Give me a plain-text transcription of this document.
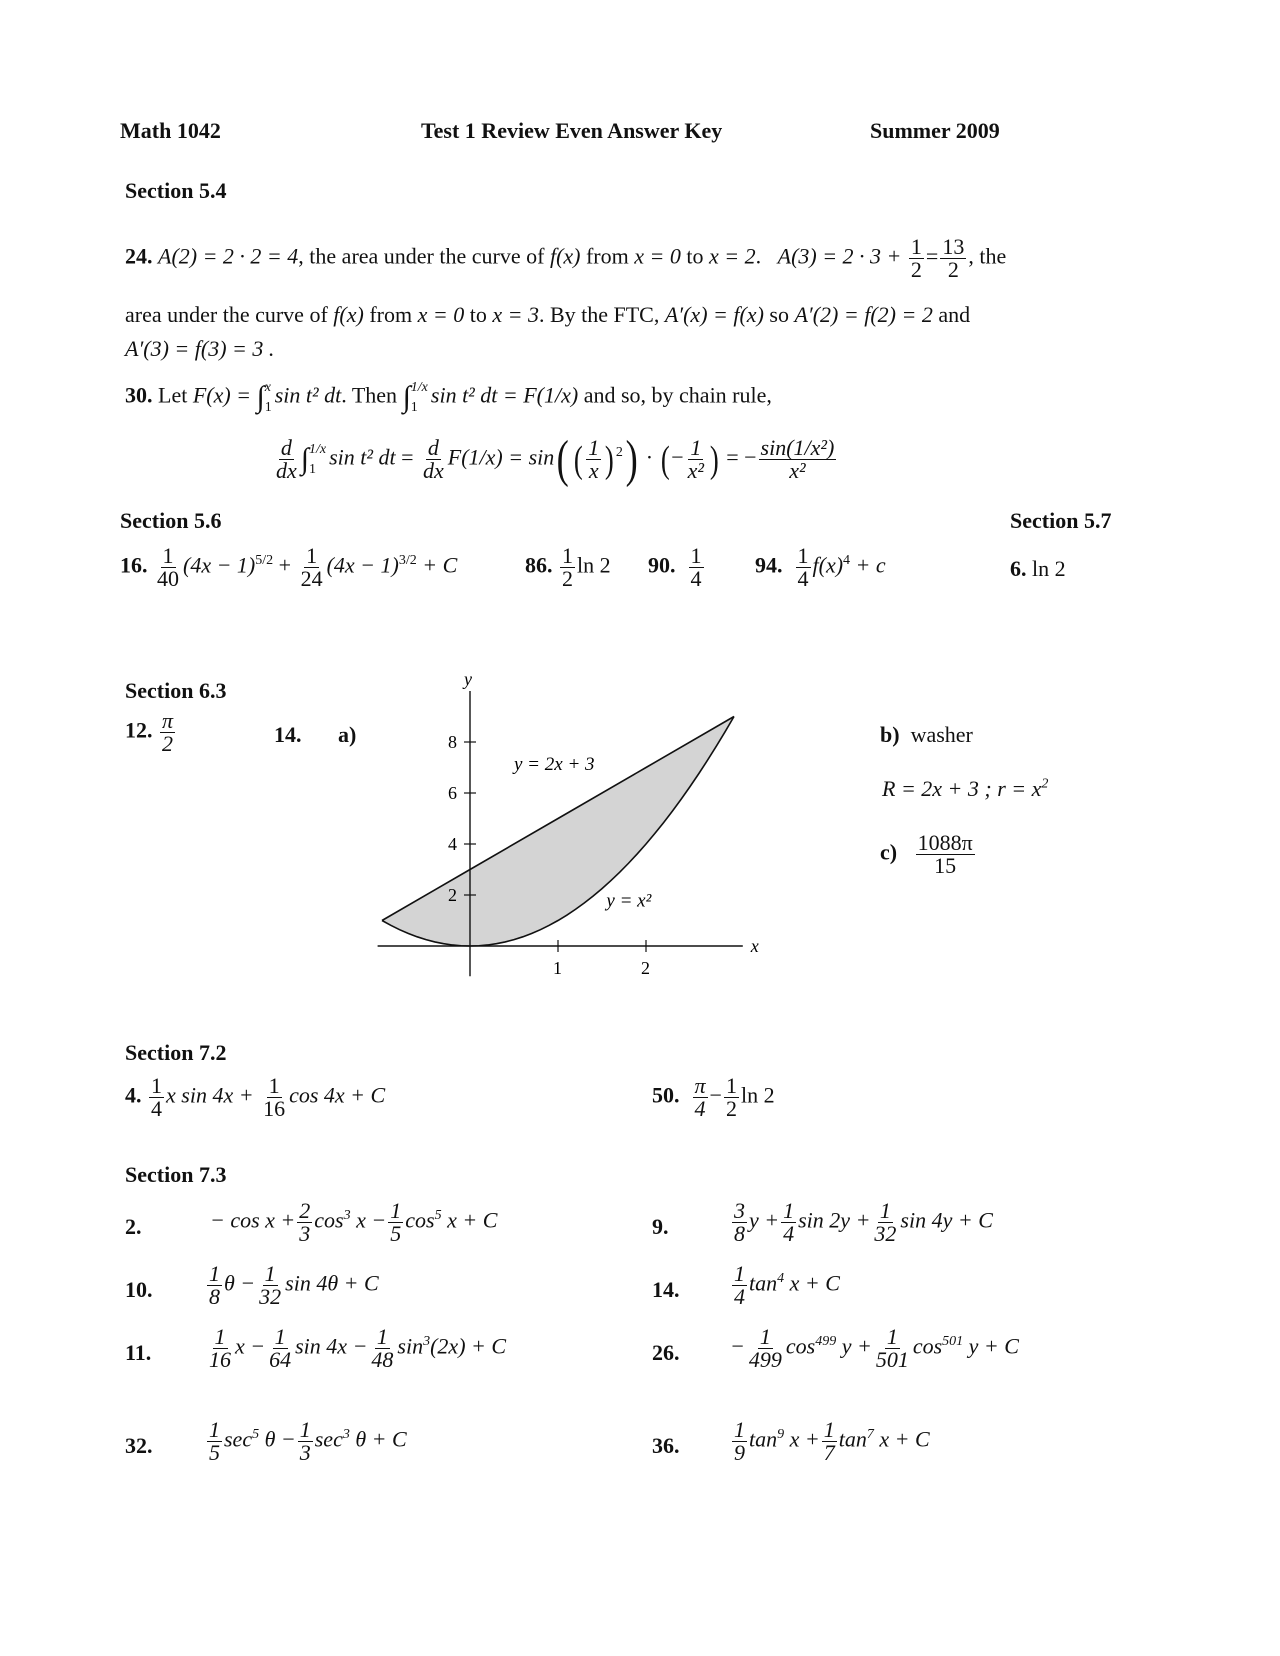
Math 1042	Test 1 Review Even Answer Key	Summer 2009
Section 5.4
24. A(2) = 2 · 2 = 4, the area under the curve of f(x) from x = 0 to x = 2. $A(3) = 2 \cdot 3 + \frac{1}{2} = \frac{13}{2}$ , the
area under the curve of f(x) from x = 0 to x = 3. By the FTC, A′(x) = f(x) so A′(2) = f(2) = 2 and
A′(3) = f(3) = 3 .
30. Let F(x) = ∫ x
1 sin t² dt. Then ∫ 1/x
1 sin t² dt = F(1/x) and so, by chain rule,
$\frac{d}{dx}$ ∫ 1/x
1 sin t² dt = $\frac{d}{dx} F(1/x) = \sin$( ( $\frac{1}{x}$ ) $^2$) · (− $\frac{1}{\text{x²}}$ ) = − $\frac{\text{sin(1/x²)}}{\text{x²}}$
Section 5.6	Section 5.7
16. $\frac{1}{40} (4x - 1)^{5/2} + \frac{1}{24} (4x - 1)^{3/2} + C$	86. $\frac{1}{2}$ ln 2 90. $\frac{1}{4} 94$. $\frac{1}{4} f(x)^4 + c$	6. ln 2
Section 6.3
12. $\frac{\pi}{2}$	14. a)
x
y
1	2
2
4
6
8
y = 2x + 3
y = x²
b) washer
R = 2x + 3 ; $r = x^2$
$c) \frac{1088\pi}{15}$
Section 7.2
4. $\frac{1}{4}$ x $\sin 4x + \frac{1}{16}$ cos 4x + C	50. $\frac{\pi}{4} - \frac{1}{2}$ ln 2
Section 7.3
2.	− $\cos x + \frac{2}{3} \cos^3 x - \frac{1}{5} \cos^5 x + C$	9.	$\frac{3}{8}$ $y + \frac{1}{4}$ $\sin 2y + \frac{1}{32}$ sin 4y + C
10. $\frac{1}{8}$ $\theta - \frac{1}{32}$ sin 4θ + C	14. $\frac{1}{4} \tan^4 x + C$
11.	$\frac{1}{16}$ $x - \frac{1}{64}$ $\sin 4x - \frac{1}{48} \sin^3(2x) + C$	26. − $\frac{1}{499} \cos^{499} y + \frac{1}{501} \cos^{501} y + C$
32. $\frac{1}{5} \sec^5 \theta - \frac{1}{3} \sec^3 \theta + C$	36. $\frac{1}{9} \tan^9 x + \frac{1}{7} \tan^7 x + C$
